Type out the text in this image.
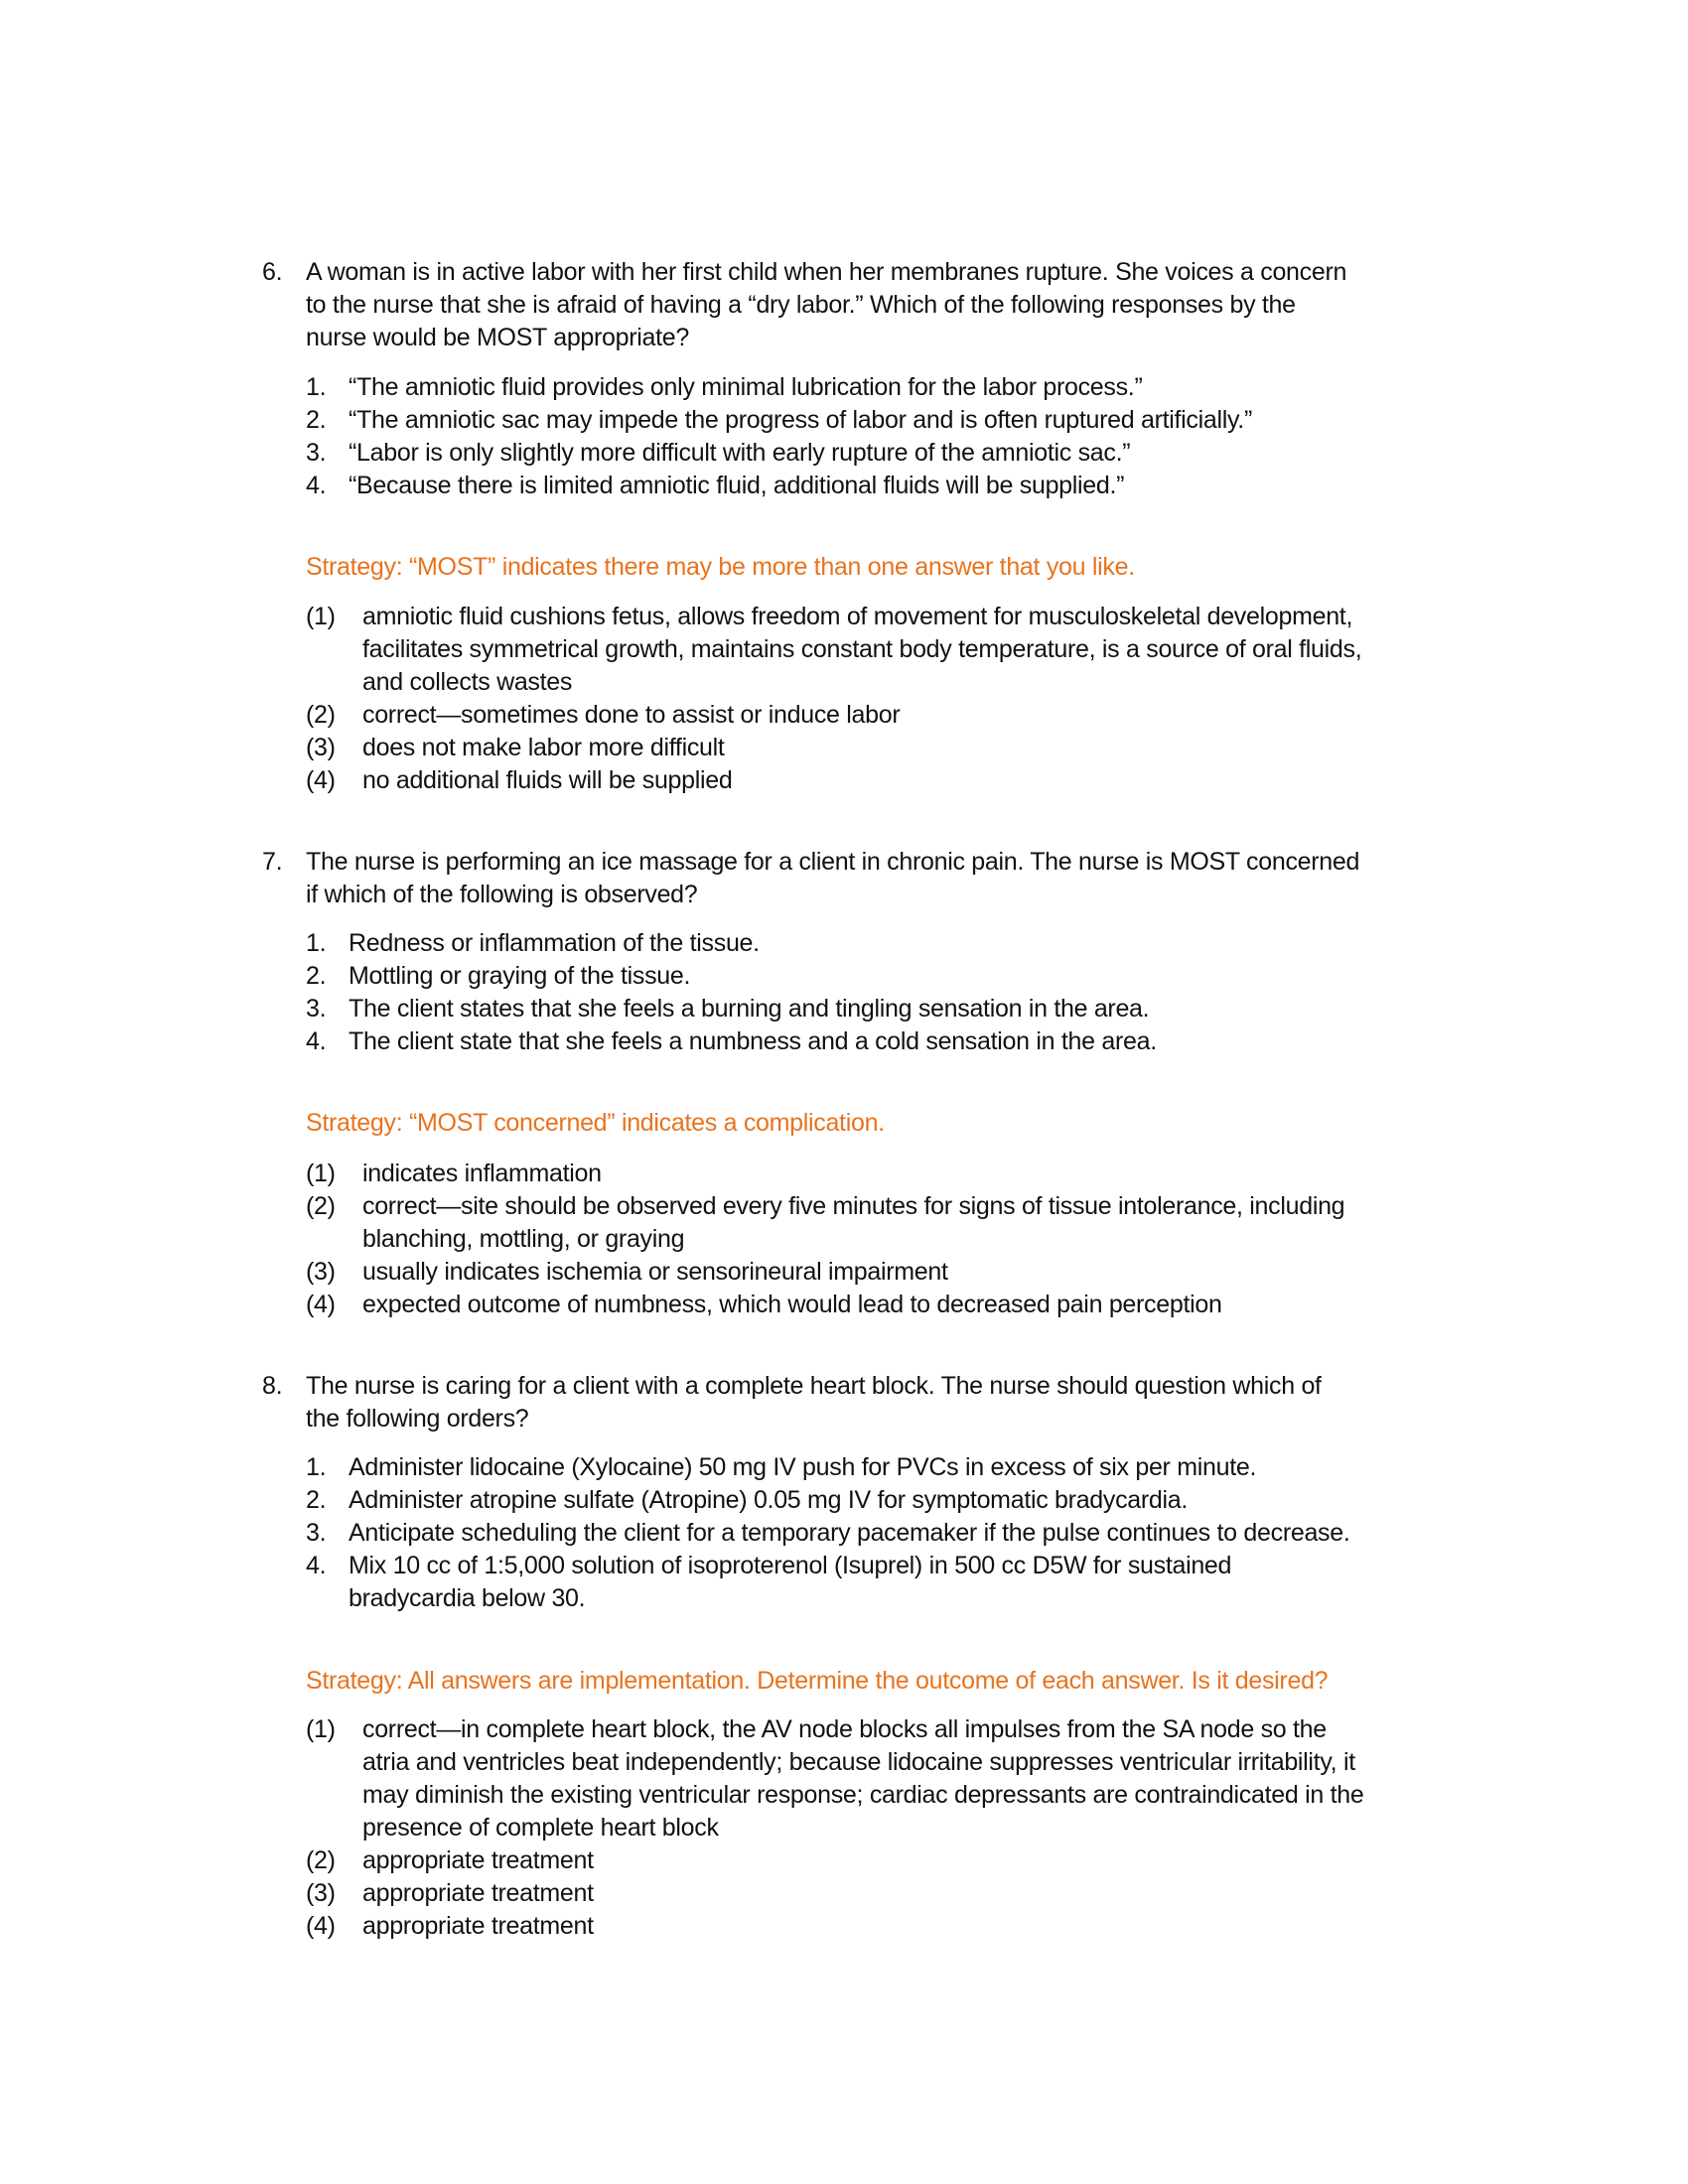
6. A woman is in active labor with her first child when her membranes rupture. She voices a concern
to the nurse that she is afraid of having a “dry labor.” Which of the following responses by the
nurse would be MOST appropriate?
1. “The amniotic fluid provides only minimal lubrication for the labor process.”
2. “The amniotic sac may impede the progress of labor and is often ruptured artificially.”
3. “Labor is only slightly more difficult with early rupture of the amniotic sac.”
4. “Because there is limited amniotic fluid, additional fluids will be supplied.”
Strategy: “MOST” indicates there may be more than one answer that you like.
(1) amniotic fluid cushions fetus, allows freedom of movement for musculoskeletal development,
facilitates symmetrical growth, maintains constant body temperature, is a source of oral fluids,
and collects wastes
(2) correct—sometimes done to assist or induce labor
(3) does not make labor more difficult
(4) no additional fluids will be supplied
7. The nurse is performing an ice massage for a client in chronic pain. The nurse is MOST concerned
if which of the following is observed?
1. Redness or inflammation of the tissue.
2. Mottling or graying of the tissue.
3. The client states that she feels a burning and tingling sensation in the area.
4. The client state that she feels a numbness and a cold sensation in the area.
Strategy: “MOST concerned” indicates a complication.
(1) indicates inflammation
(2) correct—site should be observed every five minutes for signs of tissue intolerance, including
blanching, mottling, or graying
(3) usually indicates ischemia or sensorineural impairment
(4) expected outcome of numbness, which would lead to decreased pain perception
8. The nurse is caring for a client with a complete heart block. The nurse should question which of
the following orders?
1. Administer lidocaine (Xylocaine) 50 mg IV push for PVCs in excess of six per minute.
2. Administer atropine sulfate (Atropine) 0.05 mg IV for symptomatic bradycardia.
3. Anticipate scheduling the client for a temporary pacemaker if the pulse continues to decrease.
4. Mix 10 cc of 1:5,000 solution of isoproterenol (Isuprel) in 500 cc D5W for sustained
bradycardia below 30.
Strategy: All answers are implementation. Determine the outcome of each answer. Is it desired?
(1) correct—in complete heart block, the AV node blocks all impulses from the SA node so the
atria and ventricles beat independently; because lidocaine suppresses ventricular irritability, it
may diminish the existing ventricular response; cardiac depressants are contraindicated in the
presence of complete heart block
(2) appropriate treatment
(3) appropriate treatment
(4) appropriate treatment
